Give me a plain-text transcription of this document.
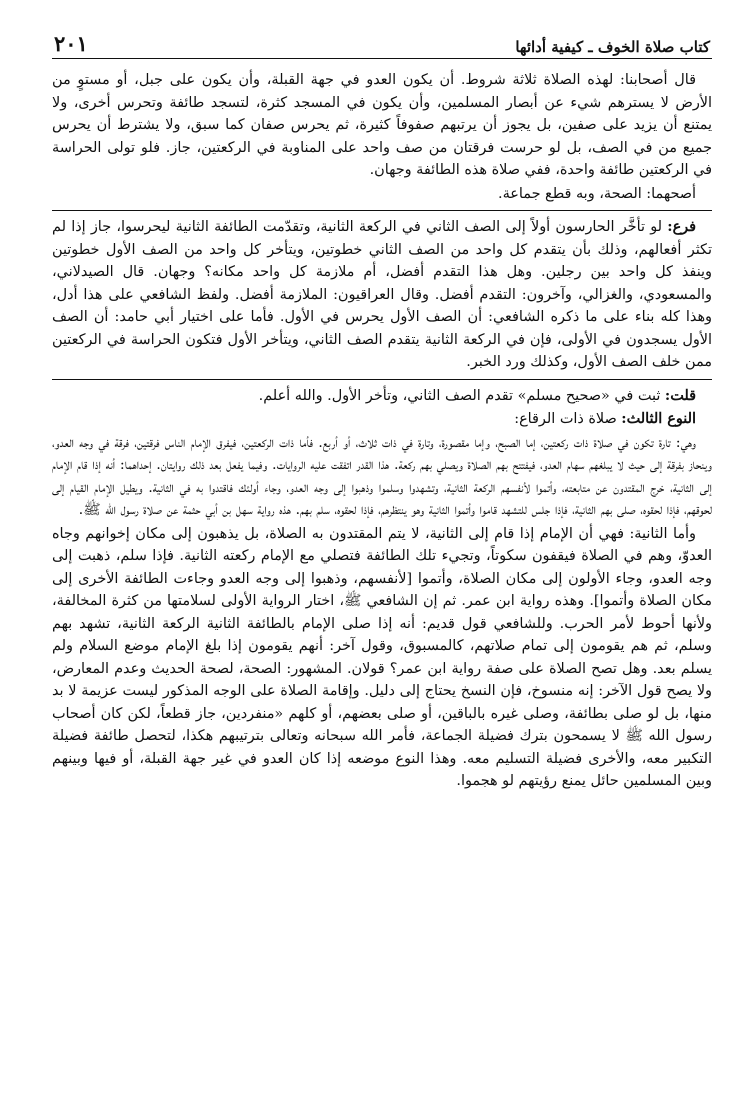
كتاب صلاة الخوف ـ كيفية أدائها
٢٠١

قال أصحابنا: لهذه الصلاة ثلاثة شروط. أن يكون العدو في جهة القبلة، وأن يكون على جبل، أو مستوٍ من الأرض لا يسترهم شيء عن أبصار المسلمين، وأن يكون في المسجد كثرة، لتسجد طائفة وتحرس أخرى، ولا يمتنع أن يزيد على صفين، بل يجوز أن يرتبهم صفوفاً كثيرة، ثم يحرس صفان كما سبق، ولا يشترط أن يحرس جميع من في الصف، بل لو حرست فرقتان من صف واحد على المناوبة في الركعتين، جاز. فلو تولى الحراسة في الركعتين طائفة واحدة، ففي صلاة هذه الطائفة وجهان.

أصحهما: الصحة، وبه قطع جماعة.

فرع: لو تأخَّر الحارسون أولاً إلى الصف الثاني في الركعة الثانية، وتقدّمت الطائفة الثانية ليحرسوا، جاز إذا لم تكثر أفعالهم، وذلك بأن يتقدم كل واحد من الصف الثاني خطوتين، ويتأخر كل واحد من الصف الأول خطوتين وينفذ كل واحد بين رجلين. وهل هذا التقدم أفضل، أم ملازمة كل واحد مكانه؟ وجهان. قال الصيدلاني، والمسعودي، والغزالي، وآخرون: التقدم أفضل. وقال العراقيون: الملازمة أفضل. ولفظ الشافعي على هذا أدل، وهذا كله بناء على ما ذكره الشافعي: أن الصف الأول يحرس في الأول. فأما على اختيار أبي حامد: أن الصف الأول يسجدون في الأولى، فإن في الركعة الثانية يتقدم الصف الثاني، ويتأخر الأول فتكون الحراسة في الركعتين ممن خلف الصف الأول، وكذلك ورد الخبر.

قلت: ثبت في «صحيح مسلم» تقدم الصف الثاني، وتأخر الأول. والله أعلم.

النوع الثالث: صلاة ذات الرقاع:

وهي: تارة تكون في صلاة ذات ركعتين، إما الصبح، وإما مقصورة، وتارة في ذات ثلاث، أو أربع. فأما ذات الركعتين، فيفرق الإمام الناس فرقتين، فرقة في وجه العدو، وينحاز بفرقة إلى حيث لا يبلغهم سهام العدو، فيفتتح بهم الصلاة ويصلي بهم ركعة. هذا القدر اتفقت عليه الروايات. وفيما يفعل بعد ذلك روايتان. إحداهما: أنه إذا قام الإمام إلى الثانية، خرج المقتدون عن متابعته، وأتموا لأنفسهم الركعة الثانية، وتشهدوا وسلموا وذهبوا إلى وجه العدو، وجاء أولئك فاقتدوا به في الثانية. ويطيل الإمام القيام إلى لحوقهم، فإذا لحقوه، صلى بهم الثانية، فإذا جلس للتشهد قاموا وأتموا الثانية وهو ينتظرهم، فإذا لحقوه، سلم بهم. هذه رواية سهل بن أبي حثمة عن صلاة رسول الله ﷺ.

وأما الثانية: فهي أن الإمام إذا قام إلى الثانية، لا يتم المقتدون به الصلاة، بل يذهبون إلى مكان إخوانهم وجاه العدوّ، وهم في الصلاة فيقفون سكوتاً، وتجيء تلك الطائفة فتصلي مع الإمام ركعته الثانية. فإذا سلم، ذهبت إلى وجه العدو، وجاء الأولون إلى مكان الصلاة، وأتموا [لأنفسهم، وذهبوا إلى وجه العدو وجاءت الطائفة الأخرى إلى مكان الصلاة وأتموا]. وهذه رواية ابن عمر. ثم إن الشافعي ﷺ، اختار الرواية الأولى لسلامتها من كثرة المخالفة، ولأنها أحوط لأمر الحرب. وللشافعي قول قديم: أنه إذا صلى الإمام بالطائفة الثانية الركعة الثانية، تشهد بهم وسلم، ثم هم يقومون إلى تمام صلاتهم، كالمسبوق، وقول آخر: أنهم يقومون إذا بلغ الإمام موضع السلام ولم يسلم بعد. وهل تصح الصلاة على صفة رواية ابن عمر؟ قولان. المشهور: الصحة، لصحة الحديث وعدم المعارض، ولا يصح قول الآخر: إنه منسوخ، فإن النسخ يحتاج إلى دليل. وإقامة الصلاة على الوجه المذكور ليست عزيمة لا بد منها، بل لو صلى بطائفة، وصلى غيره بالباقين، أو صلى بعضهم، أو كلهم «منفردين، جاز قطعاً، لكن كان أصحاب رسول الله ﷺ لا يسمحون بترك فضيلة الجماعة، فأمر الله سبحانه وتعالى بترتيبهم هكذا، لتحصل طائفة فضيلة التكبير معه، والأخرى فضيلة التسليم معه. وهذا النوع موضعه إذا كان العدو في غير جهة القبلة، أو فيها وبينهم وبين المسلمين حائل يمنع رؤيتهم لو هجموا.
